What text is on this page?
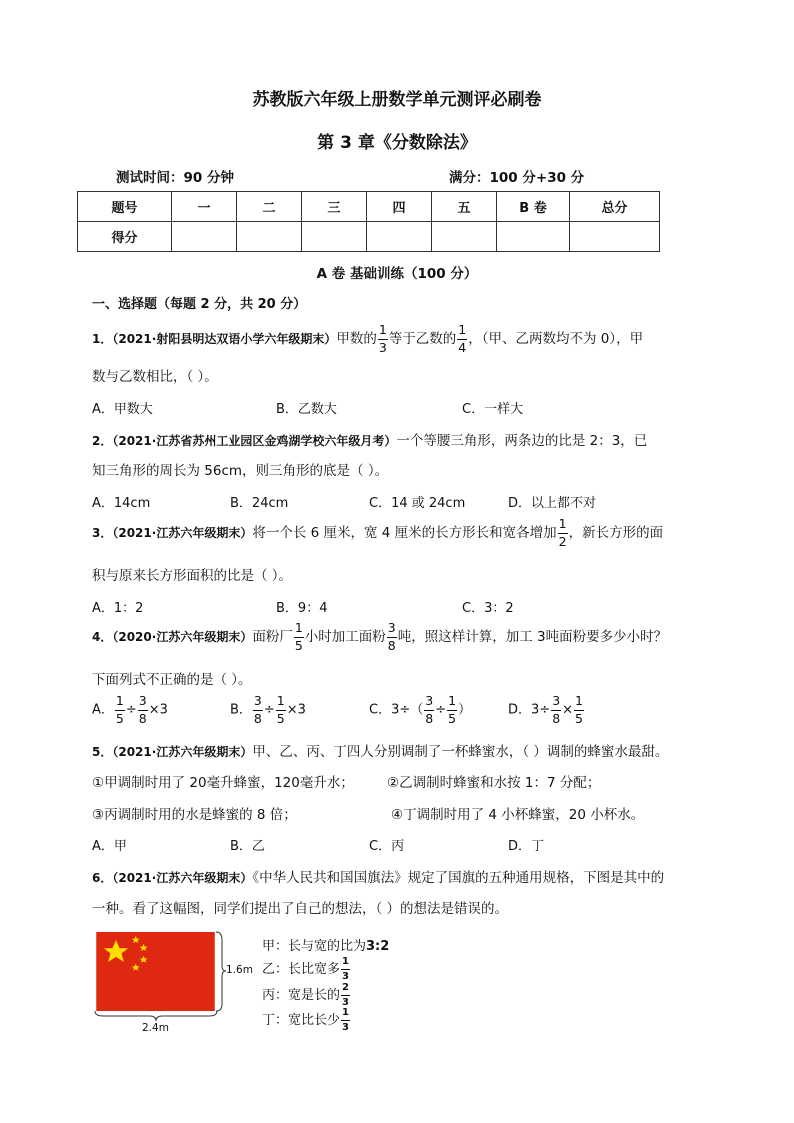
苏教版六年级上册数学单元测评必刷卷
第 3 章《分数除法》
测试时间：90 分钟	满分：100 分+30 分
题号	一	二	三	四	五	B 卷	总分
得分							
A 卷 基础训练（100 分）
一、选择题（每题 2 分，共 20 分）
1．（2021·射阳县明达双语小学六年级期末）甲数的 $\frac{1}{3}$ 等于乙数的 $\frac{1}{4}$ ，（甲、乙两数均不为 0），甲
数与乙数相比，（ ）。
A．甲数大	B．乙数大	C．一样大
2．（2021·江苏省苏州工业园区金鸡湖学校六年级月考）一个等腰三角形，两条边的比是 2：3，已
知三角形的周长为 56cm，则三角形的底是（ ）。
A．14cm	B．24cm	C．14 或 24cm	D．以上都不对
3．（2021·江苏六年级期末）将一个长 6 厘米，宽 4 厘米的长方形长和宽各增加 $\frac{1}{2}$ ，新长方形的面
积与原来长方形面积的比是（ ）。
A．1：2	B．9：4	C．3：2
4．（2020·江苏六年级期末）面粉厂 $\frac{1}{5}$ 小时加工面粉 $\frac{3}{8}$ 吨，照这样计算，加工 3吨面粉要多少小时？
下面列式不正确的是（ ）。
A． $\frac{1}{5} \div \frac{3}{8} \times 3$	B． $\frac{3}{8} \div \frac{1}{5} \times 3$	C．$3\div( \frac{3}{8} \div \frac{1}{5}$ ）	D．$3\div \frac{3}{8} \times \frac{1}{5}$
5．（2021·江苏六年级期末）甲、乙、丙、丁四人分别调制了一杯蜂蜜水，（ ）调制的蜂蜜水最甜。
①甲调制时用了 20毫升蜂蜜，120毫升水； ②乙调制时蜂蜜和水按 1：7 分配；
③丙调制时用的水是蜂蜜的 8 倍；	④丁调制时用了 4 小杯蜂蜜，20 小杯水。
A．甲	B．乙	C．丙	D．丁
6．（2021·江苏六年级期末）《中华人民共和国国旗法》规定了国旗的五种通用规格，下图是其中的
一种。看了这幅图，同学们提出了自己的想法，（ ）的想法是错误的。
1.6m
2.4m
甲：长与宽的比为3:2
乙：长比宽多 $\frac{1}{3}$
丙：宽是长的 $\frac{2}{3}$
丁：宽比长少 $\frac{1}{3}$
